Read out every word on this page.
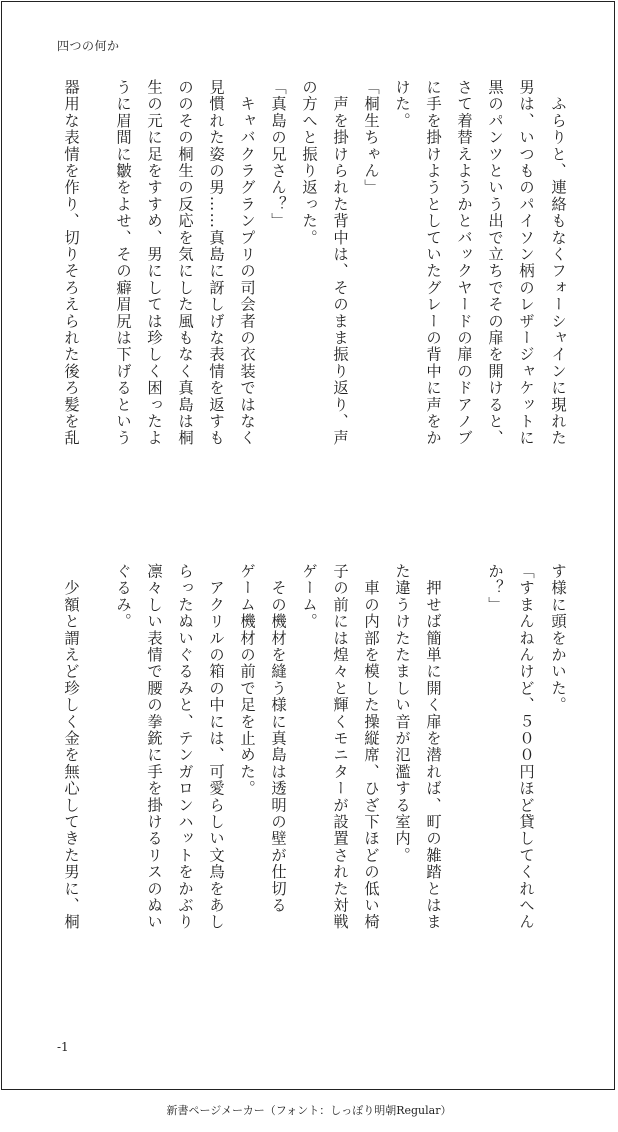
四つの何か
　ふらりと、連絡もなくフォーシャインに現れた
男は、いつものパイソン柄のレザージャケットに
黒のパンツという出で立ちでその扉を開けると、
さて着替えようかとバックヤードの扉のドアノブ
に手を掛けようとしていたグレーの背中に声をか
けた。
「桐生ちゃん」
　声を掛けられた背中は、そのまま振り返り、声
の方へと振り返った。
「真島の兄さん？」
　キャバクラグランプリの司会者の衣装ではなく
見慣れた姿の男……真島に訝しげな表情を返すも
ののその桐生の反応を気にした風もなく真島は桐
生の元に足をすすめ、男にしては珍しく困ったよ
うに眉間に皺をよせ、その癖眉尻は下げるという
器用な表情を作り、切りそろえられた後ろ髪を乱
す様に頭をかいた。
「すまんねんけど、５００円ほど貸してくれへん
か？」
　押せば簡単に開く扉を潜れば、町の雑踏とはま
た違うけたたましい音が氾濫する室内。
　車の内部を模した操縦席、ひざ下ほどの低い椅
子の前には煌々と輝くモニターが設置された対戦
ゲーム。
　その機材を縫う様に真島は透明の壁が仕切る
ゲーム機材の前で足を止めた。
　アクリルの箱の中には、可愛らしい文鳥をあし
らったぬいぐるみと、テンガロンハットをかぶり
凛々しい表情で腰の拳銃に手を掛けるリスのぬい
ぐるみ。
　少額と謂えど珍しく金を無心してきた男に、桐
-1
新書ページメーカー（フォント：しっぽり明朝Regular）
